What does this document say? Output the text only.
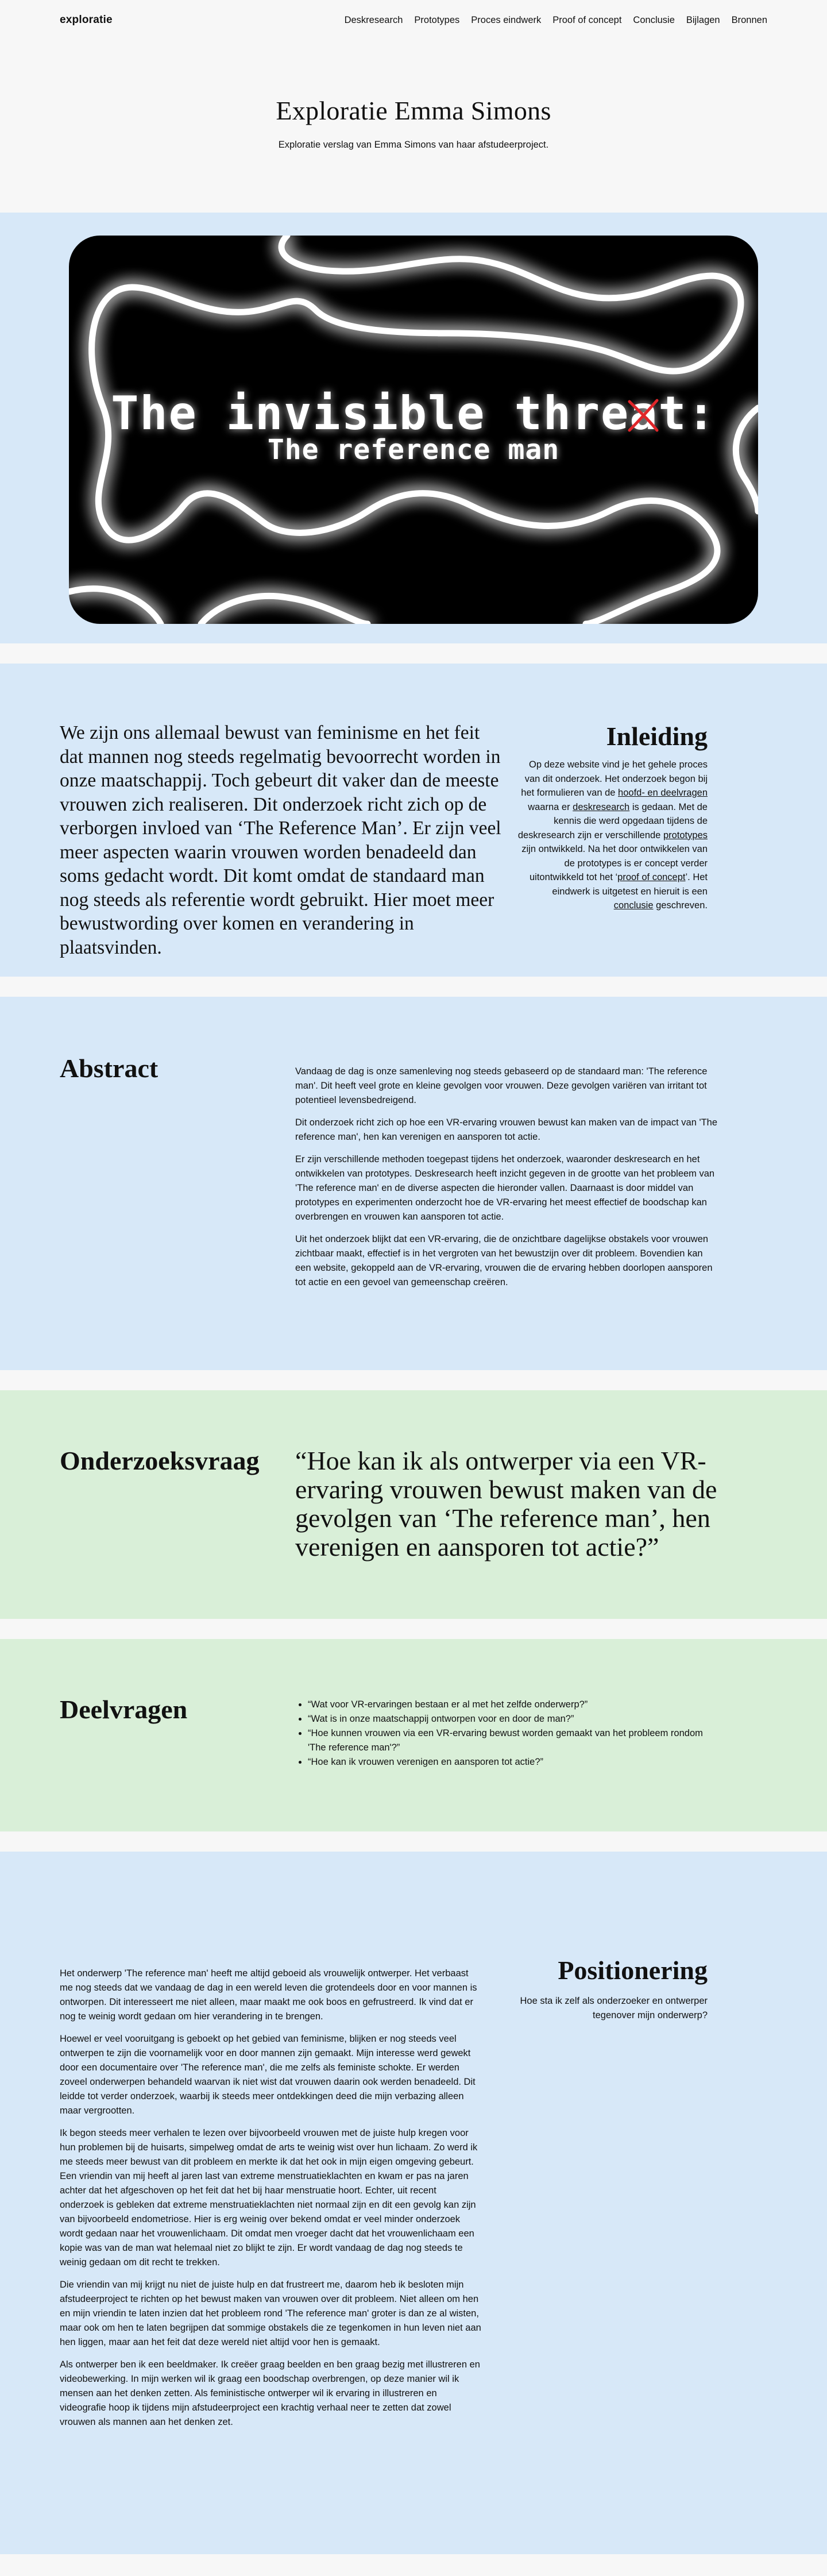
exploratie	Deskresearch Prototypes Proces eindwerk Proof of concept Conclusie Bijlagen Bronnen
Exploratie Emma Simons

Exploratie verslag van Emma Simons van haar afstudeerproject.

The invisible threat:
The reference man

We zijn ons allemaal bewust van feminisme en het feit dat mannen nog steeds regelmatig bevoorrecht worden in onze maatschappij. Toch gebeurt dit vaker dan de meeste vrouwen zich realiseren. Dit onderzoek richt zich op de verborgen invloed van ‘The Reference Man’. Er zijn veel meer aspecten waarin vrouwen worden benadeeld dan soms gedacht wordt. Dit komt omdat de standaard man nog steeds als referentie wordt gebruikt. Hier moet meer bewustwording over komen en verandering in plaatsvinden.

Inleiding

Op deze website vind je het gehele proces van dit onderzoek. Het onderzoek begon bij het formulieren van de hoofd- en deelvragen waarna er deskresearch is gedaan. Met de kennis die werd opgedaan tijdens de deskresearch zijn er verschillende prototypes zijn ontwikkeld. Na het door ontwikkelen van de prototypes is er concept verder uitontwikkeld tot het ‘proof of concept’. Het eindwerk is uitgetest en hieruit is een conclusie geschreven.

Abstract	Vandaag de dag is onze samenleving nog steeds gebaseerd op de standaard man: 'The reference man'. Dit heeft veel grote en kleine gevolgen voor vrouwen. Deze gevolgen variëren van irritant tot potentieel levensbedreigend.

Dit onderzoek richt zich op hoe een VR-ervaring vrouwen bewust kan maken van de impact van 'The reference man', hen kan verenigen en aansporen tot actie.

Er zijn verschillende methoden toegepast tijdens het onderzoek, waaronder deskresearch en het ontwikkelen van prototypes. Deskresearch heeft inzicht gegeven in de grootte van het probleem van 'The reference man' en de diverse aspecten die hieronder vallen. Daarnaast is door middel van prototypes en experimenten onderzocht hoe de VR-ervaring het meest effectief de boodschap kan overbrengen en vrouwen kan aansporen tot actie.

Uit het onderzoek blijkt dat een VR-ervaring, die de onzichtbare dagelijkse obstakels voor vrouwen zichtbaar maakt, effectief is in het vergroten van het bewustzijn over dit probleem. Bovendien kan een website, gekoppeld aan de VR-ervaring, vrouwen die de ervaring hebben doorlopen aansporen tot actie en een gevoel van gemeenschap creëren.

Onderzoeksvraag “Hoe kan ik als ontwerper via een VR-ervaring vrouwen bewust maken van de gevolgen van ‘The reference man’, hen verenigen en aansporen tot actie?”

Deelvragen
•	“Wat voor VR-ervaringen bestaan er al met het zelfde onderwerp?”
• “Wat is in onze maatschappij ontworpen voor en door de man?”
• “Hoe kunnen vrouwen via een VR-ervaring bewust worden gemaakt van het probleem rondom 'The reference man'?”
• “Hoe kan ik vrouwen verenigen en aansporen tot actie?”

Het onderwerp 'The reference man' heeft me altijd geboeid als vrouwelijk ontwerper. Het verbaast me nog steeds dat we vandaag de dag in een wereld leven die grotendeels door en voor mannen is ontworpen. Dit interesseert me niet alleen, maar maakt me ook boos en gefrustreerd. Ik vind dat er nog te weinig wordt gedaan om hier verandering in te brengen.

Hoewel er veel vooruitgang is geboekt op het gebied van feminisme, blijken er nog steeds veel ontwerpen te zijn die voornamelijk voor en door mannen zijn gemaakt. Mijn interesse werd gewekt door een documentaire over 'The reference man', die me zelfs als feministe schokte. Er werden zoveel onderwerpen behandeld waarvan ik niet wist dat vrouwen daarin ook werden benadeeld. Dit leidde tot verder onderzoek, waarbij ik steeds meer ontdekkingen deed die mijn verbazing alleen maar vergrootten.

Ik begon steeds meer verhalen te lezen over bijvoorbeeld vrouwen met de juiste hulp kregen voor hun problemen bij de huisarts, simpelweg omdat de arts te weinig wist over hun lichaam. Zo werd ik me steeds meer bewust van dit probleem en merkte ik dat het ook in mijn eigen omgeving gebeurt. Een vriendin van mij heeft al jaren last van extreme menstruatieklachten en kwam er pas na jaren achter dat het afgeschoven op het feit dat het bij haar menstruatie hoort. Echter, uit recent onderzoek is gebleken dat extreme menstruatieklachten niet normaal zijn en dit een gevolg kan zijn van bijvoorbeeld endometriose. Hier is erg weinig over bekend omdat er veel minder onderzoek wordt gedaan naar het vrouwenlichaam. Dit omdat men vroeger dacht dat het vrouwenlichaam een kopie was van de man wat helemaal niet zo blijkt te zijn. Er wordt vandaag de dag nog steeds te weinig gedaan om dit recht te trekken.

Die vriendin van mij krijgt nu niet de juiste hulp en dat frustreert me, daarom heb ik besloten mijn afstudeerproject te richten op het bewust maken van vrouwen over dit probleem. Niet alleen om hen en mijn vriendin te laten inzien dat het probleem rond 'The reference man' groter is dan ze al wisten, maar ook om hen te laten begrijpen dat sommige obstakels die ze tegenkomen in hun leven niet aan hen liggen, maar aan het feit dat deze wereld niet altijd voor hen is gemaakt.

Als ontwerper ben ik een beeldmaker. Ik creëer graag beelden en ben graag bezig met illustreren en videobewerking. In mijn werken wil ik graag een boodschap overbrengen, op deze manier wil ik mensen aan het denken zetten. Als feministische ontwerper wil ik ervaring in illustreren en videografie hoop ik tijdens mijn afstudeerproject een krachtig verhaal neer te zetten dat zowel vrouwen als mannen aan het denken zet.

Positionering

Hoe sta ik zelf als onderzoeker en ontwerper tegenover mijn onderwerp?
